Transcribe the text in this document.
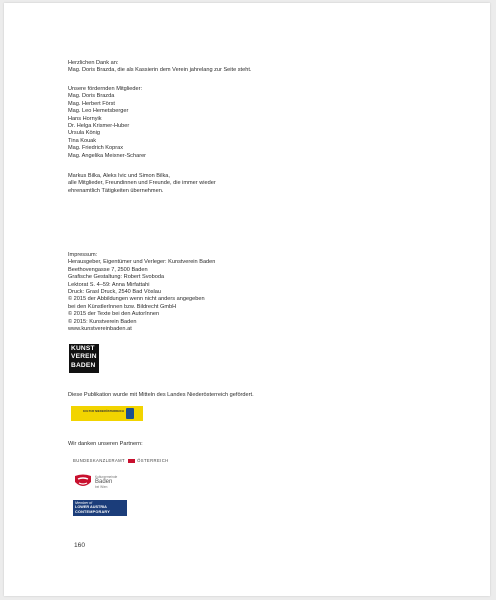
Herzlichen Dank an:
Mag. Doris Brazda, die als Kassierin dem Verein jahrelang zur Seite steht.
Unsere fördernden Mitglieder:
Mag. Doris Brazda
Mag. Herbert Först
Mag. Leo Hemetsberger
Hans Hornyik
Dr. Helga Krismer-Huber
Ursula König
Tina Kouak
Mag. Friedrich Koprax
Mag. Angelika Meixner-Scharer
Markus Bilka, Aleks Ivic und Simon Bilka,
alle Mitglieder, Freundinnen und Freunde, die immer wieder
ehrenamtlich Tätigkeiten übernehmen.
Impressum:
Herausgeber, Eigentümer und Verleger: Kunstverein Baden
Beethovengasse 7, 2500 Baden
Grafische Gestaltung: Robert Svoboda
Lektorat S. 4–59: Anna Mirfattahi
Druck: Grasl Druck, 2540 Bad Vöslau
© 2015 der Abbildungen wenn nicht anders angegeben
bei den KünstlerInnen bzw. Bildrecht GmbH
© 2015 der Texte bei den AutorInnen
© 2015: Kunstverein Baden
www.kunstvereinbaden.at
KUNST
VEREIN
BADEN
Diese Publikation wurde mit Mitteln des Landes Niederösterreich gefördert.
KULTUR NIEDERÖSTERREICH
Wir danken unseren Partnern:
BUNDESKANZLERAMT	ÖSTERREICH
Kulturgemeinde
Baden
bei Wien
Member of
LOWER AUSTRIA
CONTEMPORARY
160
